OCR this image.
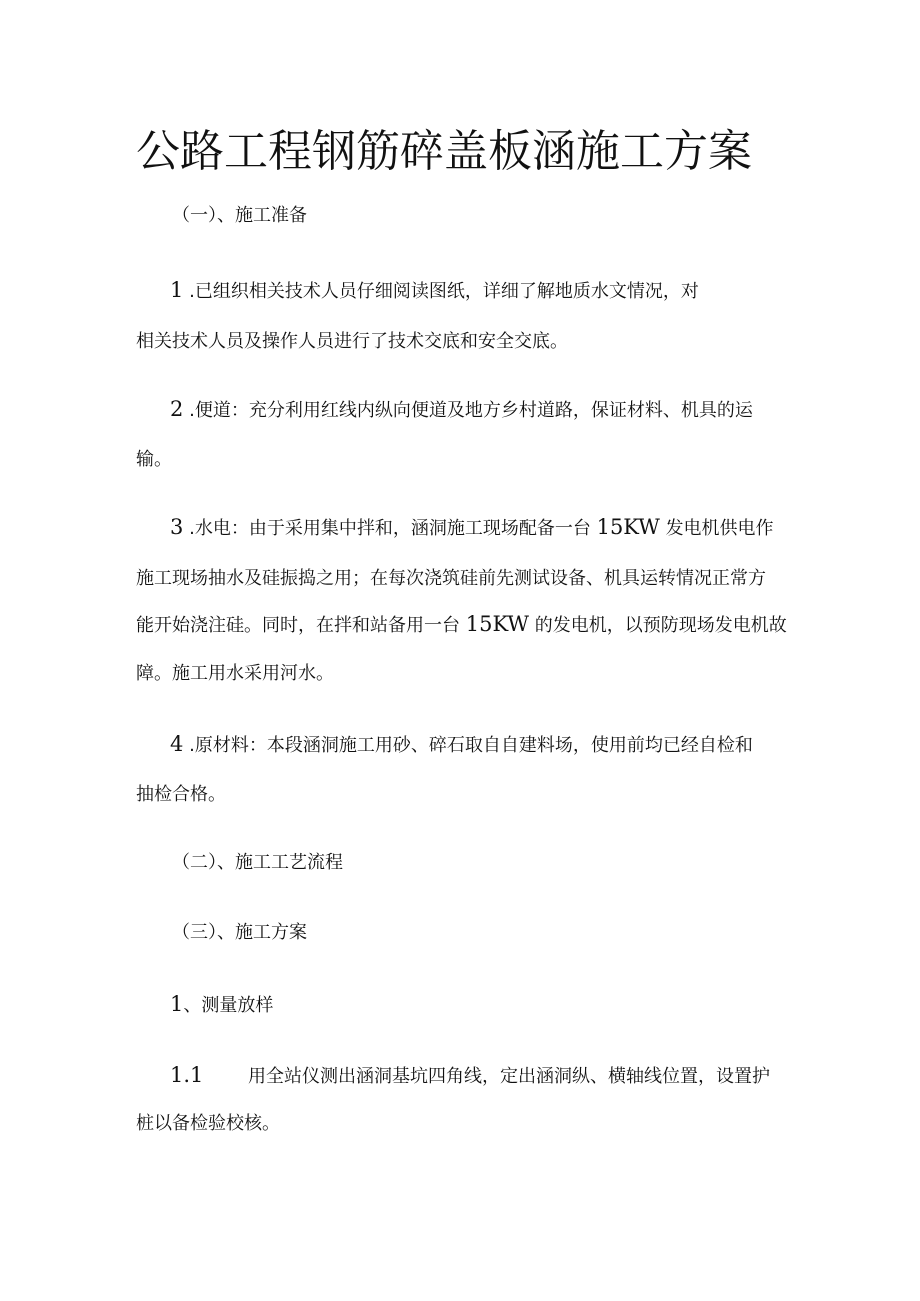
公路工程钢筋碎盖板涵施工方案
（一）、施工准备
1 .已组织相关技术人员仔细阅读图纸，详细了解地质水文情况，对
相关技术人员及操作人员进行了技术交底和安全交底。
2 .便道：充分利用红线内纵向便道及地方乡村道路，保证材料、机具的运
输。
3 .水电：由于采用集中拌和，涵洞施工现场配备一台 15KW 发电机供电作
施工现场抽水及硅振捣之用；在每次浇筑硅前先测试设备、机具运转情况正常方
能开始浇注硅。同时，在拌和站备用一台 15KW 的发电机，以预防现场发电机故
障。施工用水采用河水。
4 .原材料：本段涵洞施工用砂、碎石取自自建料场，使用前均已经自检和
抽检合格。
（二）、施工工艺流程
（三）、施工方案
1、测量放样
1.1 用全站仪测出涵洞基坑四角线，定出涵洞纵、横轴线位置，设置护
桩以备检验校核。
